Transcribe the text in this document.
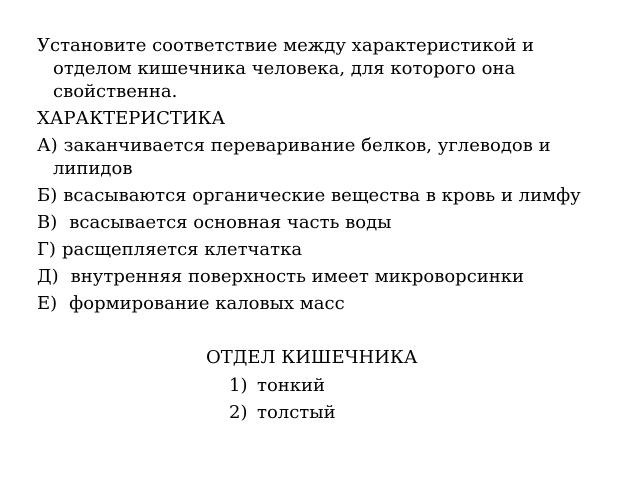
Установите соответствие между характеристикой и отделом кишечника человека, для которого она свойственна.

ХАРАКТЕРИСТИКА

А) заканчивается переваривание белков, углеводов и липидов

Б) всасываются органические вещества в кровь и лимфу

В) всасывается основная часть воды

Г) расщепляется клетчатка

Д) внутренняя поверхность имеет микроворсинки

Е) формирование каловых масс

ОТДЕЛ КИШЕЧНИКА
1) тонкий
2) толстый
